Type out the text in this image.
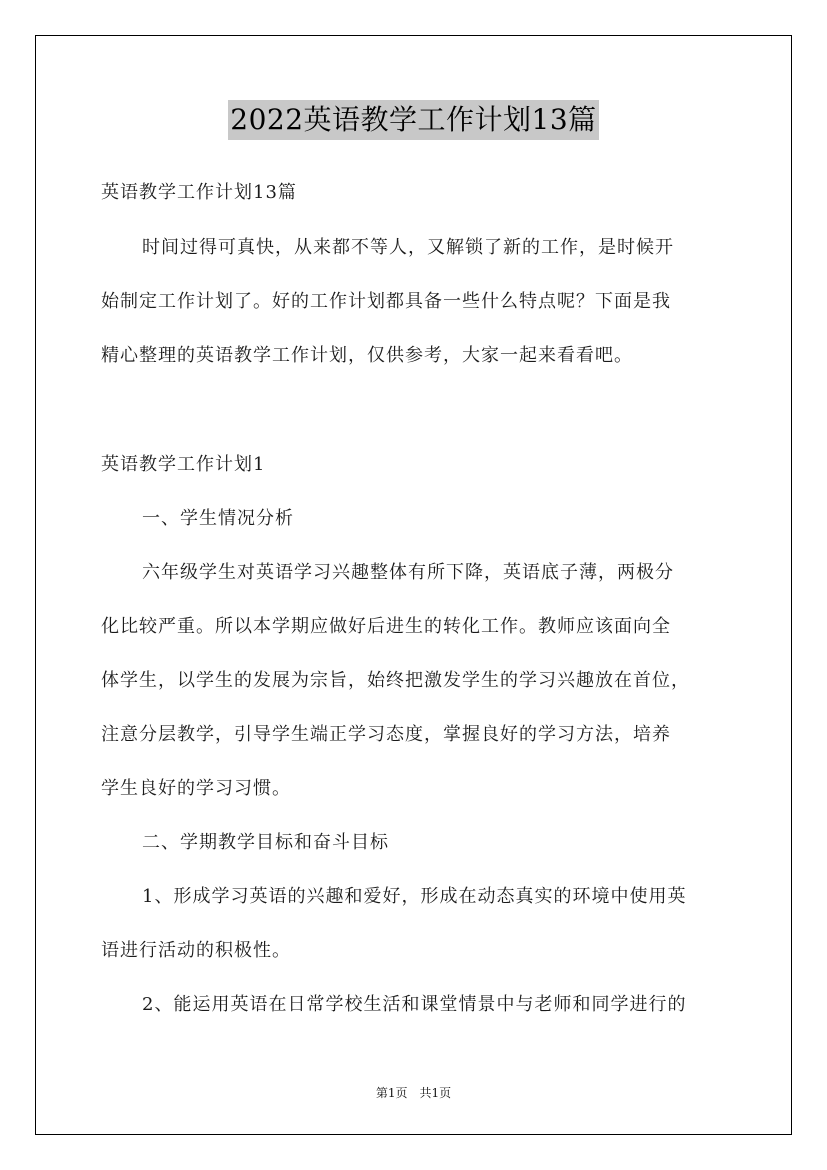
2022英语教学工作计划13篇
英语教学工作计划13篇
时间过得可真快，从来都不等人，又解锁了新的工作，是时候开
始制定工作计划了。好的工作计划都具备一些什么特点呢？下面是我
精心整理的英语教学工作计划，仅供参考，大家一起来看看吧。
英语教学工作计划1
一、学生情况分析
六年级学生对英语学习兴趣整体有所下降，英语底子薄，两极分
化比较严重。所以本学期应做好后进生的转化工作。教师应该面向全
体学生，以学生的发展为宗旨，始终把激发学生的学习兴趣放在首位，
注意分层教学，引导学生端正学习态度，掌握良好的学习方法，培养
学生良好的学习习惯。
二、学期教学目标和奋斗目标
1、形成学习英语的兴趣和爱好，形成在动态真实的环境中使用英
语进行活动的积极性。
2、能运用英语在日常学校生活和课堂情景中与老师和同学进行的
第1页 共1页
